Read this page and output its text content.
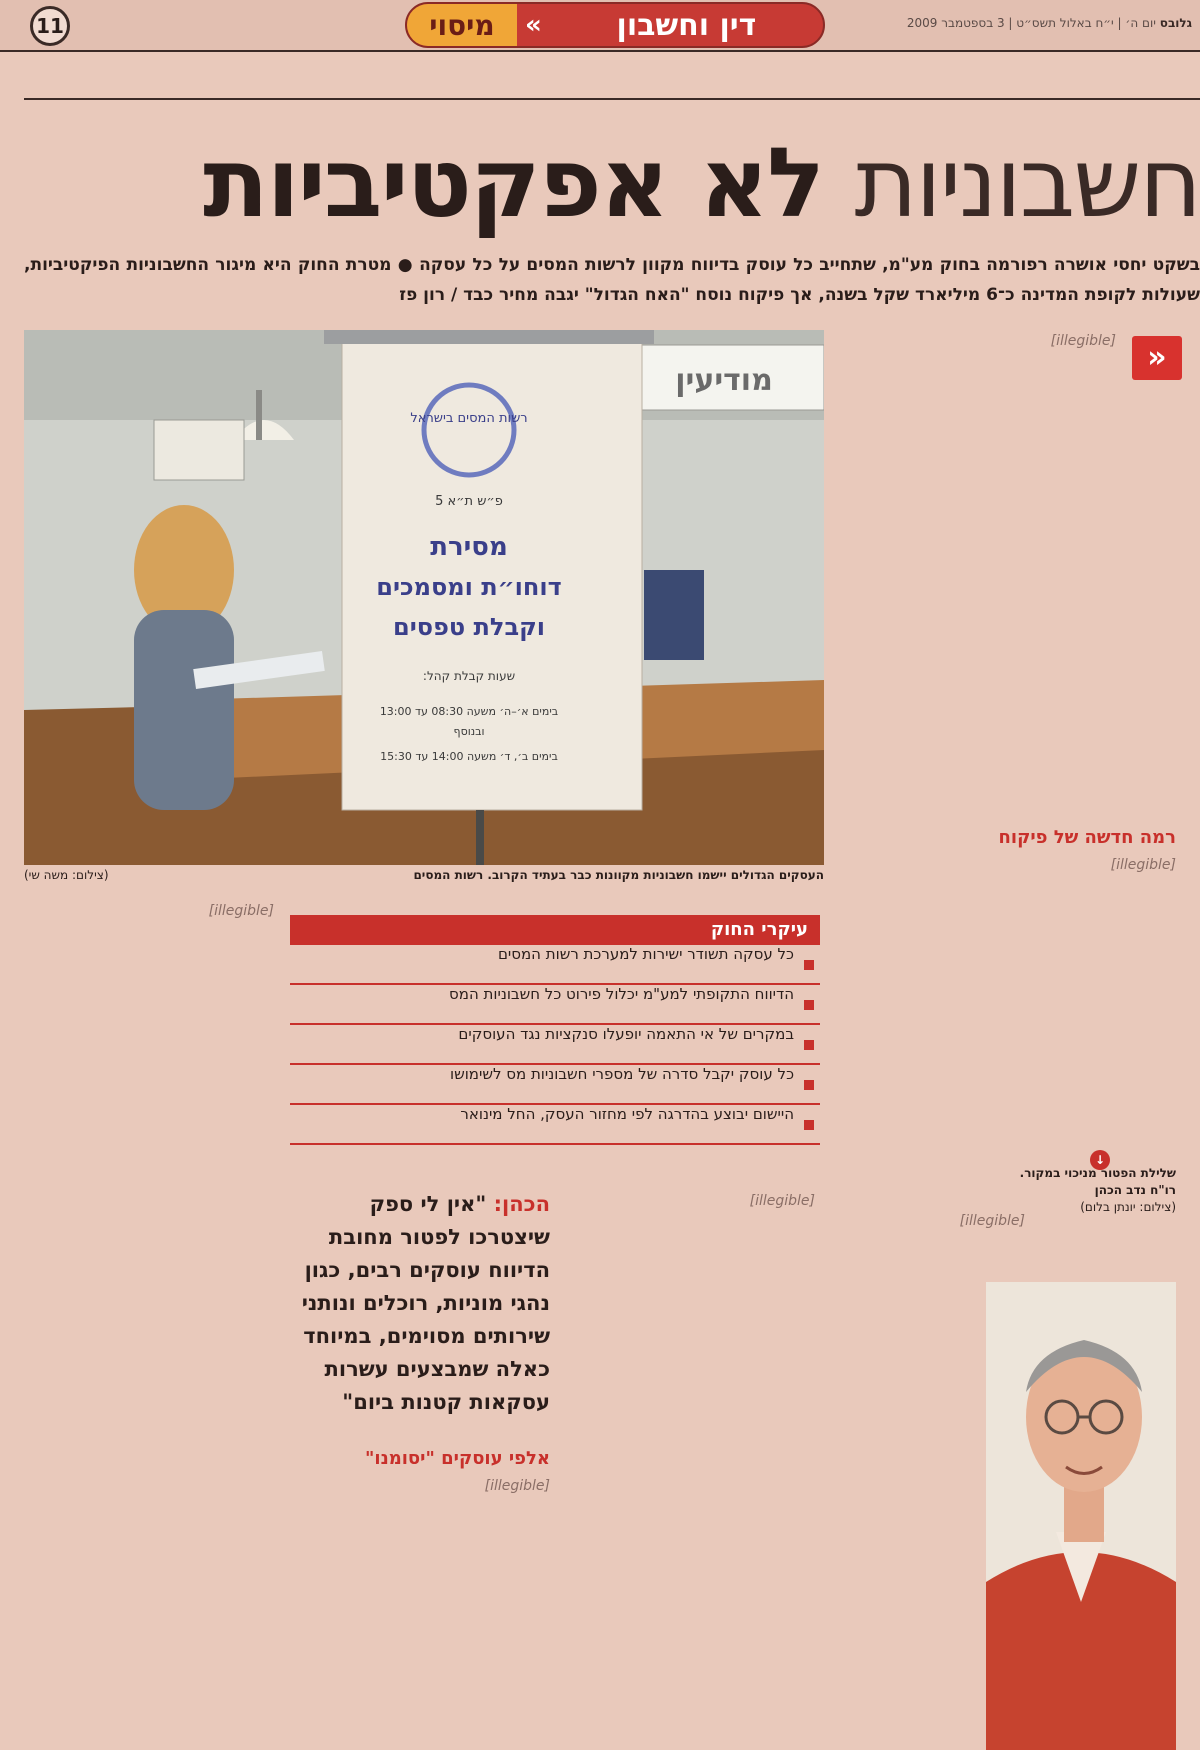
11	דין וחשבון
»
מיסוי	גלובס יום ה׳ | י״ח באלול תשס״ט | 3 בספטמבר 2009
חשבוניות לא אפקטיביות
בשקט יחסי אושרה רפורמה בחוק מע"מ, שתחייב כל עוסק בדיווח מקוון לרשות המסים על כל עסקה ● מטרת החוק היא מיגור החשבוניות הפיקטיביות, שעולות לקופת המדינה כ־6 מיליארד שקל בשנה, אך פיקוח נוסח "האח הגדול" יגבה מחיר כבד / רון פז
מודיעין
רשות המסים בישראל
פ״ש ת״א 5
מסירת
דוחו״ת ומסמכים
וקבלת טפסים
שעות קבלת קהל:
בימים א׳–ה׳ משעה 08:30 עד 13:00
ובנוסף
בימים ב׳, ד׳ משעה 14:00 עד 15:30
העסקים הגדולים יישמו חשבוניות מקוונות כבר בעתיד הקרוב. רשות המסים
(צילום: משה שי)
«

[illegible]

רמה חדשה של פיקוח

[illegible]

עיקרי החוק
כל עסקה תשודר ישירות למערכת רשות המסים
הדיווח התקופתי למע"מ יכלול פירוט כל חשבוניות המס
במקרים של אי התאמה יופעלו סנקציות נגד העוסקים
כל עוסק יקבל סדרה של מספרי חשבוניות מס לשימושו
היישום יבוצע בהדרגה לפי מחזור העסק, החל מינואר

[illegible]

הכהן: "אין לי ספק שיצטרכו לפטור מחובת הדיווח עוסקים רבים, כגון נהגי מוניות, רוכלים ונותני שירותים מסוימים, במיוחד כאלה שמבצעים עשרות עסקאות קטנות ביום"
אלפי עוסקים "יסומנו"

[illegible]

[illegible]

[illegible]

↓
שלילת הפטור מניכוי במקור.
רו"ח נדב הכהן
(צילום: יונתן בלום)
